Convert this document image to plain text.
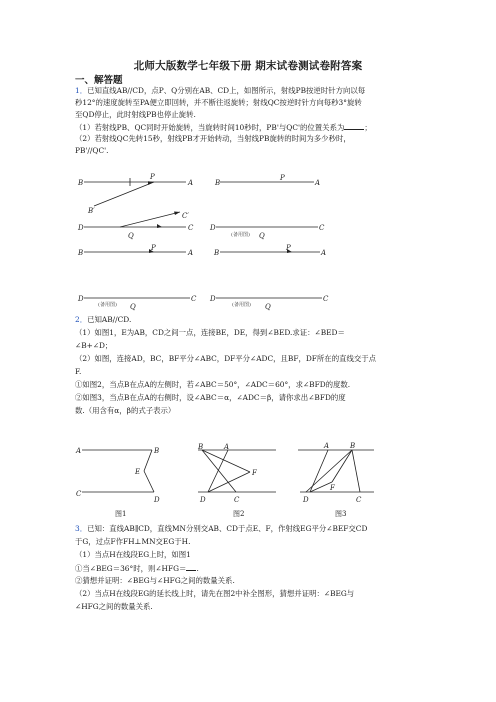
北师大版数学七年级下册 期末试卷测试卷附答案
一、解答题
1．已知直线AB//CD，点P、Q分别在AB、CD上，如图所示，射线PB按逆时针方向以每
秒12°的速度旋转至PA便立即回转，并不断往返旋转；射线QC按逆时针方向每秒3°旋转
至QD停止，此时射线PB也停止旋转.
（1）若射线PB、QC同时开始旋转，当旋转时间10秒时，PB'与QC'的位置关系为	；
（2）若射线QC先转15秒，射线PB才开始转动，当射线PB旋转的时间为多少秒时，
PB'//QC'.
B	A
P
B′
C′
D	C
Q
B	A
P
D	C
Q
(备用图)
B	A
P
D	C
Q
(备用图)
B	A
P
D	C
Q
(备用图)
2．已知AB//CD.
（1）如图1，E为AB，CD之间一点，连接BE，DE，得到∠BED.求证：∠BED＝
∠B+∠D；
（2）如图，连接AD，BC，BF平分∠ABC，DF平分∠ADC，且BF，DF所在的直线交于点
F.
①如图2，当点B在点A的左侧时，若∠ABC＝50°，∠ADC＝60°，求∠BFD的度数.
②如图3，当点B在点A的右侧时，设∠ABC＝α，∠ADC＝β，请你求出∠BFD的度
数.（用含有α，β的式子表示）
A	B
E
C
D
B	A
F
D	C
A	B
F
D	C
图1	图2	图3
3．已知：直线AB∥CD，直线MN分别交AB、CD于点E、F，作射线EG平分∠BEF交CD
于G，过点F作FH⊥MN交EG于H.
（1）当点H在线段EG上时，如图1
①当∠BEG＝36°时，则∠HFG＝ .
②猜想并证明：∠BEG与∠HFG之间的数量关系.
（2）当点H在线段EG的延长线上时，请先在图2中补全图形，猜想并证明：∠BEG与
∠HFG之间的数量关系.
